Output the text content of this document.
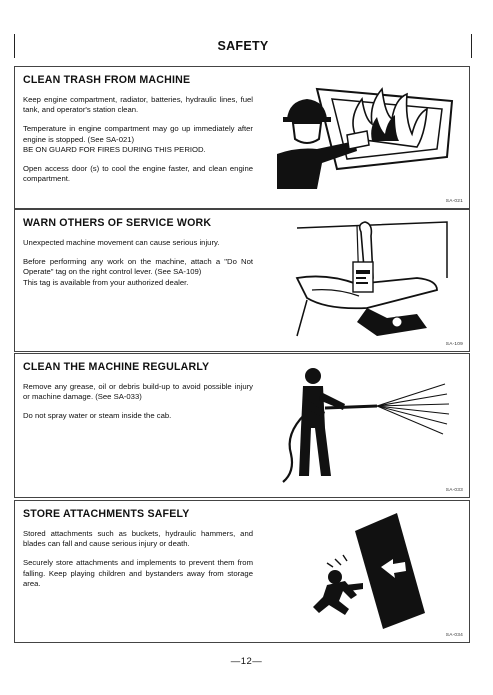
SAFETY
CLEAN TRASH FROM MACHINE

Keep engine compartment, radiator, batteries, hydraulic lines, fuel tank, and operator's station clean.

Temperature in engine compartment may go up immediately after engine is stopped. (See SA-021)

BE ON GUARD FOR FIRES DURING THIS PERIOD.

Open access door (s) to cool the engine faster, and clean engine compartment.

SA-021
WARN OTHERS OF SERVICE WORK

Unexpected machine movement can cause serious injury.

Before performing any work on the machine, attach a "Do Not Operate" tag on the right control lever. (See SA-109)

This tag is available from your authorized dealer.

SA-109
CLEAN THE MACHINE REGULARLY

Remove any grease, oil or debris build-up to avoid possible injury or machine damage. (See SA-033)

Do not spray water or steam inside the cab.

SA-033
STORE ATTACHMENTS SAFELY

Stored attachments such as buckets, hydraulic hammers, and blades can fall and cause serious injury or death.

Securely store attachments and implements to prevent them from falling. Keep playing children and bystanders away from storage area.

SA-034
—12—
